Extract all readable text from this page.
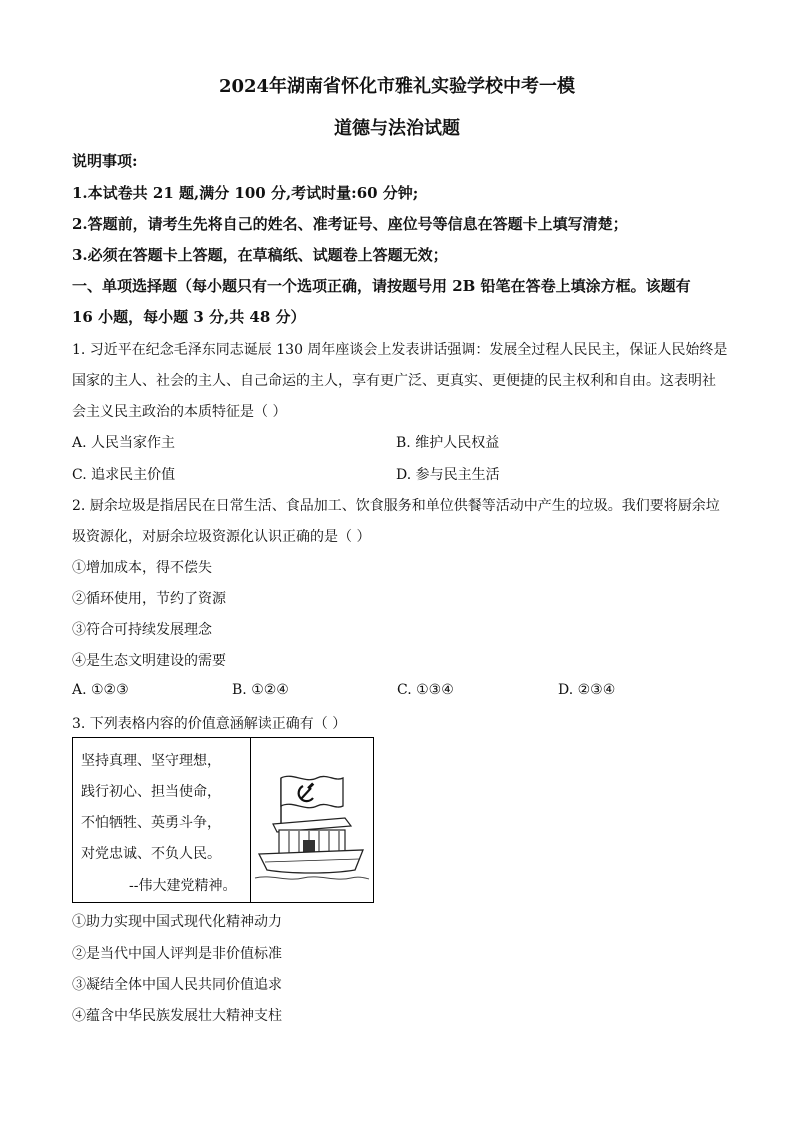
2024年湖南省怀化市雅礼实验学校中考一模
道德与法治试题
说明事项:
1.本试卷共 21 题,满分 100 分,考试时量:60 分钟;
2.答题前，请考生先将自己的姓名、准考证号、座位号等信息在答题卡上填写清楚；
3.必须在答题卡上答题，在草稿纸、试题卷上答题无效；
一、单项选择题（每小题只有一个选项正确，请按题号用 2B 铅笔在答卷上填涂方框。该题有
16 小题，每小题 3 分,共 48 分）
1. 习近平在纪念毛泽东同志诞辰 130 周年座谈会上发表讲话强调：发展全过程人民民主，保证人民始终是
国家的主人、社会的主人、自己命运的主人，享有更广泛、更真实、更便捷的民主权利和自由。这表明社
会主义民主政治的本质特征是（ ）
A. 人民当家作主	B. 维护人民权益
C. 追求民主价值	D. 参与民主生活
2. 厨余垃圾是指居民在日常生活、食品加工、饮食服务和单位供餐等活动中产生的垃圾。我们要将厨余垃
圾资源化，对厨余垃圾资源化认识正确的是（ ）
①增加成本，得不偿失
②循环使用，节约了资源
③符合可持续发展理念
④是生态文明建设的需要
A. ①②③	B. ①②④	C. ①③④	D. ②③④
3. 下列表格内容的价值意涵解读正确有（ ）
坚持真理、坚守理想，
践行初心、担当使命，
不怕牺牲、英勇斗争，
对党忠诚、不负人民。
--伟大建党精神。
①助力实现中国式现代化精神动力
②是当代中国人评判是非价值标准
③凝结全体中国人民共同价值追求
④蕴含中华民族发展壮大精神支柱
